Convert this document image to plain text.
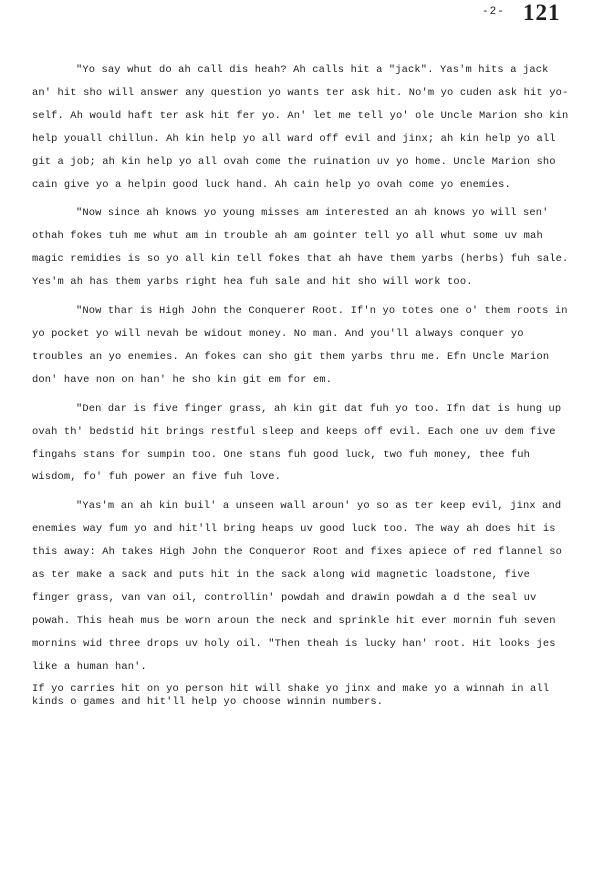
-2- 121

"Yo say whut do ah call dis heah? Ah calls hit a "jack". Yas'm hits a jack an' hit sho will answer any question yo wants ter ask hit. No'm yo cuden ask hit yo-self. Ah would haft ter ask hit fer yo. An' let me tell yo' ole Uncle Marion sho kin help youall chillun. Ah kin help yo all ward off evil and jinx; ah kin help yo all git a job; ah kin help yo all ovah come the ruination uv yo home. Uncle Marion sho cain give yo a helpin good luck hand. Ah cain help yo ovah come yo enemies.

"Now since ah knows yo young misses am interested an ah knows yo will sen' othah fokes tuh me whut am in trouble ah am gointer tell yo all whut some uv mah magic remidies is so yo all kin tell fokes that ah have them yarbs (herbs) fuh sale. Yes'm ah has them yarbs right hea fuh sale and hit sho will work too.

"Now thar is High John the Conquerer Root. If'n yo totes one o' them roots in yo pocket yo will nevah be widout money. No man. And you'll always conquer yo troubles an yo enemies. An fokes can sho git them yarbs thru me. Efn Uncle Marion don' have non on han' he sho kin git em for em.

"Den dar is five finger grass, ah kin git dat fuh yo too. Ifn dat is hung up ovah th' bedstid hit brings restful sleep and keeps off evil. Each one uv dem five fingahs stans for sumpin too. One stans fuh good luck, two fuh money, thee fuh wisdom, fo' fuh power an five fuh love.

"Yas'm an ah kin buil' a unseen wall aroun' yo so as ter keep evil, jinx and enemies way fum yo and hit'll bring heaps uv good luck too. The way ah does hit is this away: Ah takes High John the Conqueror Root and fixes apiece of red flannel so as ter make a sack and puts hit in the sack along wid magnetic loadstone, five finger grass, van van oil, controllin' powdah and drawin powdah a d the seal uv powah. This heah mus be worn aroun the neck and sprinkle hit ever mornin fuh seven mornins wid three drops uv holy oil. "Then theah is lucky han' root. Hit looks jes like a human han'.

If yo carries hit on yo person hit will shake yo jinx and make yo a winnah in all kinds o games and hit'll help yo choose winnin numbers.
